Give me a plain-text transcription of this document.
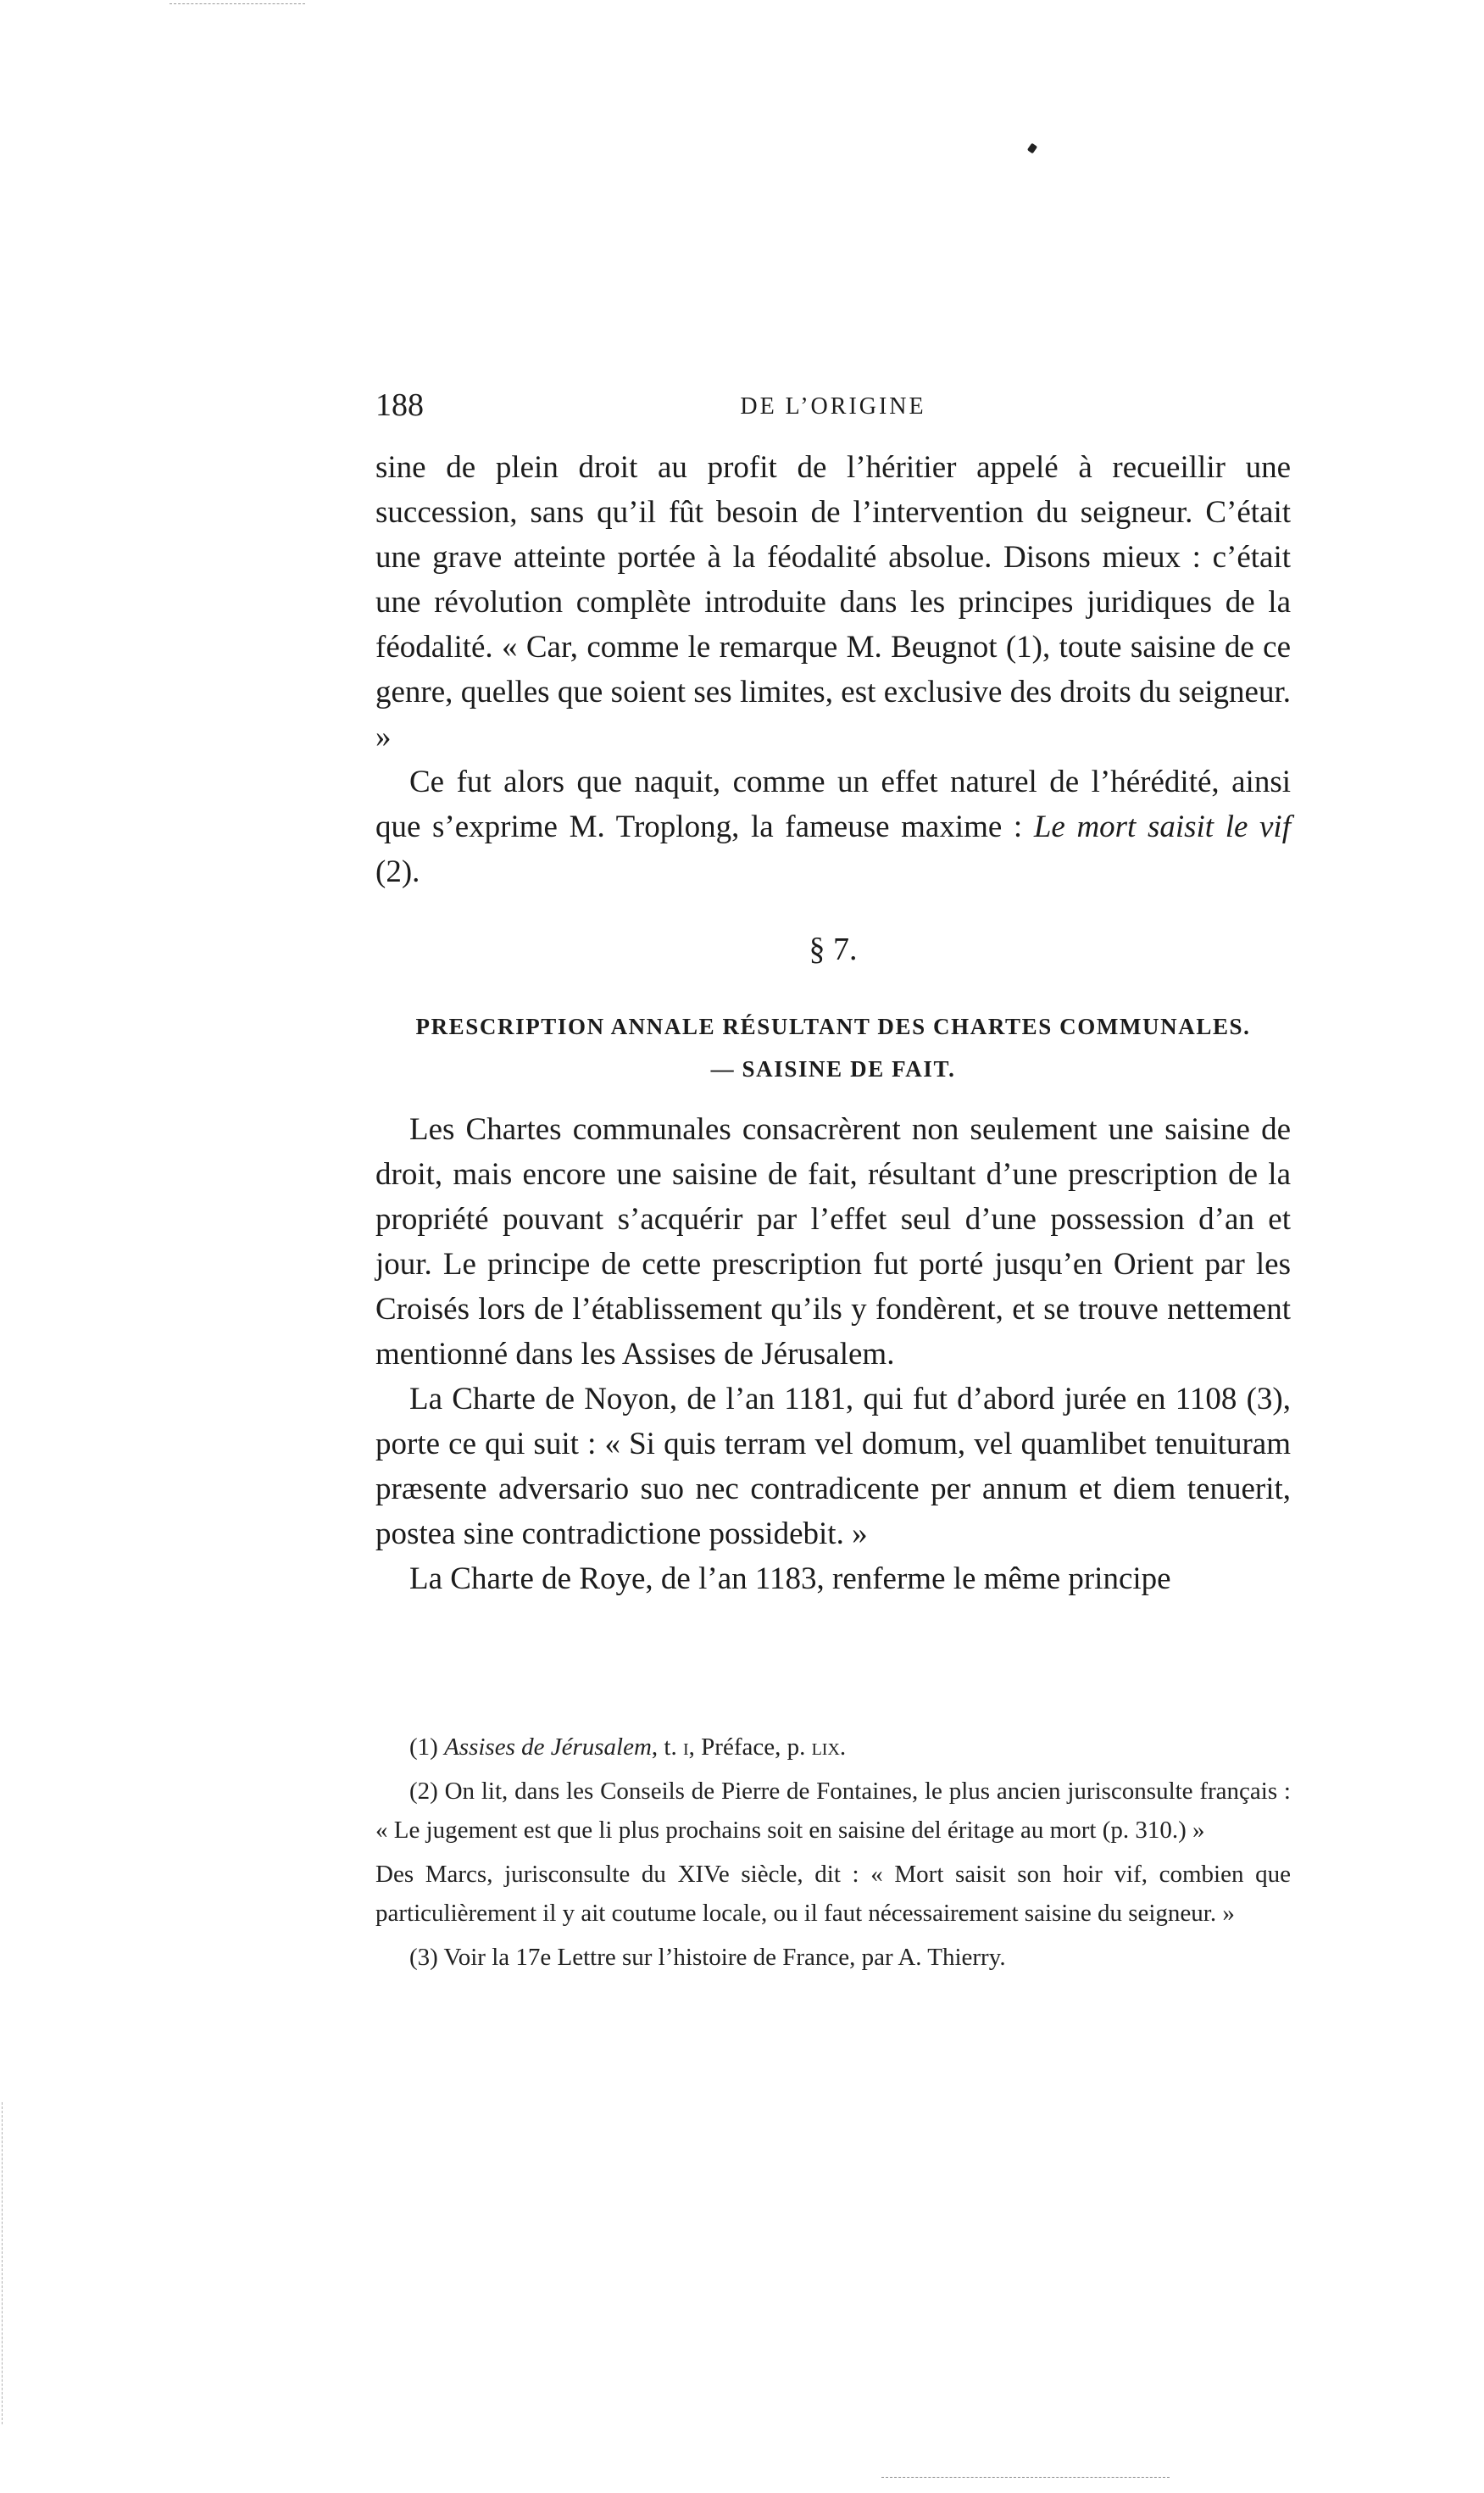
188	DE L’ORIGINE

sine de plein droit au profit de l’héritier appelé à recueillir une succession, sans qu’il fût besoin de l’intervention du seigneur. C’était une grave atteinte portée à la féodalité absolue. Disons mieux : c’était une révolution complète introduite dans les principes juridiques de la féodalité. « Car, comme le remarque M. Beugnot (1), toute saisine de ce genre, quelles que soient ses limites, est exclusive des droits du seigneur. »

Ce fut alors que naquit, comme un effet naturel de l’hérédité, ainsi que s’exprime M. Troplong, la fameuse maxime : Le mort saisit le vif (2).

§ 7.
PRESCRIPTION ANNALE RÉSULTANT DES CHARTES COMMUNALES.
— SAISINE DE FAIT.

Les Chartes communales consacrèrent non seulement une saisine de droit, mais encore une saisine de fait, résultant d’une prescription de la propriété pouvant s’acquérir par l’effet seul d’une possession d’an et jour. Le principe de cette prescription fut porté jusqu’en Orient par les Croisés lors de l’établissement qu’ils y fondèrent, et se trouve nettement mentionné dans les Assises de Jérusalem.

La Charte de Noyon, de l’an 1181, qui fut d’abord jurée en 1108 (3), porte ce qui suit : « Si quis terram vel domum, vel quamlibet tenuituram præsente adversario suo nec contradicente per annum et diem tenuerit, postea sine contradictione possidebit. »

La Charte de Roye, de l’an 1183, renferme le même principe

(1) Assises de Jérusalem, t. i, Préface, p. lix.

(2) On lit, dans les Conseils de Pierre de Fontaines, le plus ancien jurisconsulte français : « Le jugement est que li plus prochains soit en saisine del éritage au mort (p. 310.) »

Des Marcs, jurisconsulte du XIVe siècle, dit : « Mort saisit son hoir vif, combien que particulièrement il y ait coutume locale, ou il faut nécessairement saisine du seigneur. »

(3) Voir la 17e Lettre sur l’histoire de France, par A. Thierry.
